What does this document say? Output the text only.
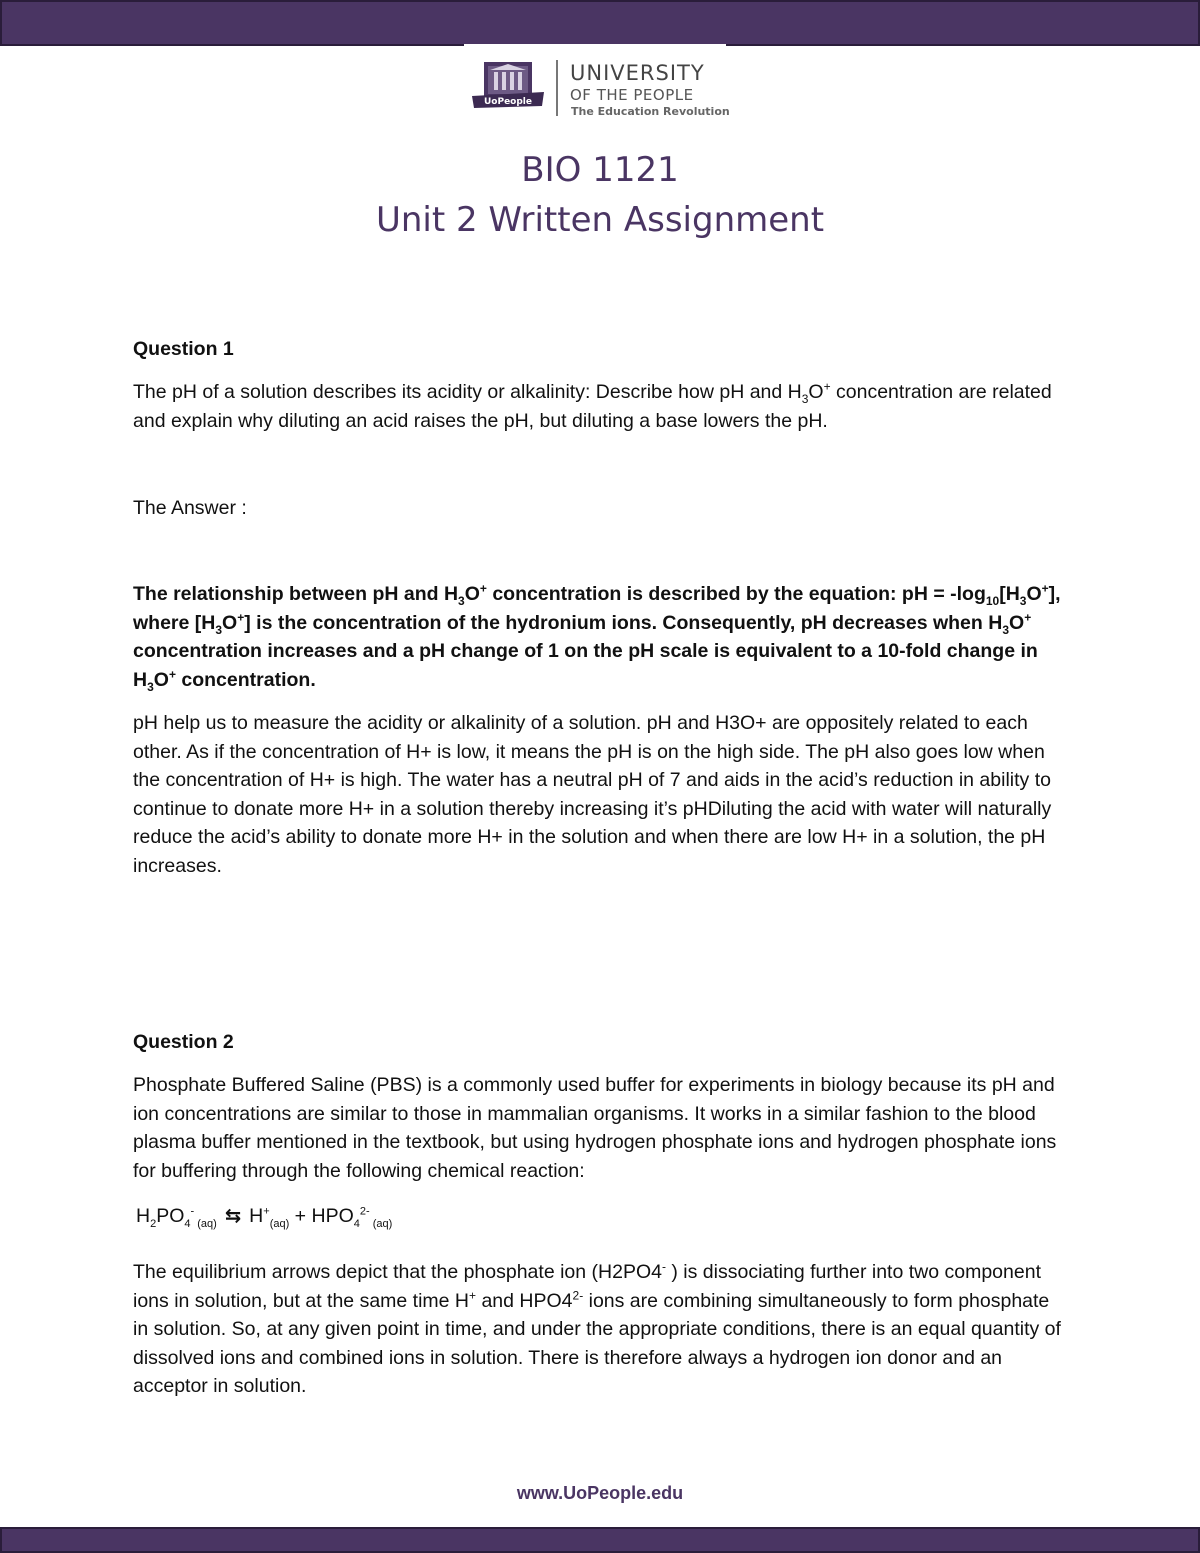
UoPeople
UNIVERSITY
OF THE PEOPLE
The Education Revolution
BIO 1121
Unit 2 Written Assignment

Question 1

The pH of a solution describes its acidity or alkalinity: Describe how pH and $H_3O^+$ concentration are related and explain why diluting an acid raises the pH, but diluting a base lowers the pH.

The Answer :

The relationship between pH and $H_3O^+$ concentration is described by the equation: pH = $-\log_{10}[H_3O^+]$, where $[H_3O^+]$ is the concentration of the hydronium ions. Consequently, pH decreases when $H_3O^+$ concentration increases and a pH change of 1 on the pH scale is equivalent to a 10-fold change in $H_3O^+$ concentration.

pH help us to measure the acidity or alkalinity of a solution. pH and H3O+ are oppositely related to each other. As if the concentration of H+ is low, it means the pH is on the high side. The pH also goes low when the concentration of H+ is high. The water has a neutral pH of 7 and aids in the acid’s reduction in ability to continue to donate more H+ in a solution thereby increasing it’s pHDiluting the acid with water will naturally reduce the acid’s ability to donate more H+ in the solution and when there are low H+ in a solution, the pH increases.

Question 2

Phosphate Buffered Saline (PBS) is a commonly used buffer for experiments in biology because its pH and ion concentrations are similar to those in mammalian organisms. It works in a similar fashion to the blood plasma buffer mentioned in the textbook, but using hydrogen phosphate ions and hydrogen phosphate ions for buffering through the following chemical reaction:

$H_2PO_4^-$ $_{(aq)}$ ⇆ $H^+_{(aq)} + HPO_4^{2-}$ $_{(aq)}$

The equilibrium arrows depict that the phosphate ion (H2PO4- ) is dissociating further into two component ions in solution, but at the same time H+ and $HPO4^{2-}$ ions are combining simultaneously to form phosphate in solution. So, at any given point in time, and under the appropriate conditions, there is an equal quantity of dissolved ions and combined ions in solution. There is therefore always a hydrogen ion donor and an acceptor in solution.

www.UoPeople.edu
